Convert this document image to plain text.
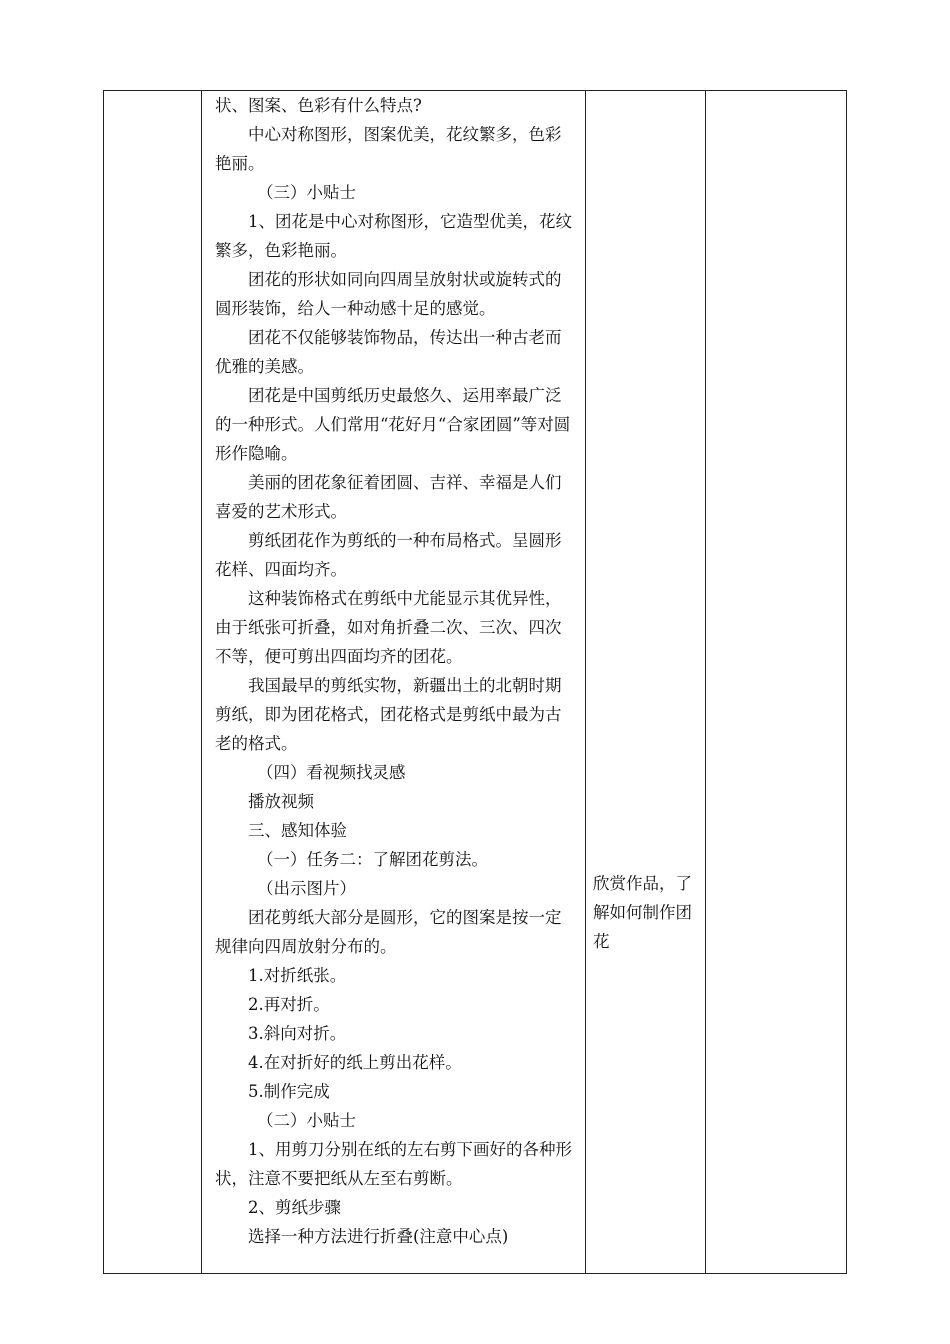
状、图案、色彩有什么特点?

中心对称图形，图案优美，花纹繁多，色彩

艳丽。

（三）小贴士

1、团花是中心对称图形，它造型优美，花纹

繁多，色彩艳丽。

团花的形状如同向四周呈放射状或旋转式的

圆形装饰，给人一种动感十足的感觉。

团花不仅能够装饰物品，传达出一种古老而

优雅的美感。

团花是中国剪纸历史最悠久、运用率最广泛

的一种形式。人们常用“花好月“合家团圆”等对圆

形作隐喻。

美丽的团花象征着团圆、吉祥、幸福是人们

喜爱的艺术形式。

剪纸团花作为剪纸的一种布局格式。呈圆形

花样、四面均齐。

这种装饰格式在剪纸中尤能显示其优异性，

由于纸张可折叠，如对角折叠二次、三次、四次

不等，便可剪出四面均齐的团花。

我国最早的剪纸实物，新疆出土的北朝时期

剪纸，即为团花格式，团花格式是剪纸中最为古

老的格式。

（四）看视频找灵感

播放视频

三、感知体验

（一）任务二：了解团花剪法。

（出示图片）

团花剪纸大部分是圆形，它的图案是按一定

规律向四周放射分布的。

1.对折纸张。

2.再对折。

3.斜向对折。

4.在对折好的纸上剪出花样。

5.制作完成

（二）小贴士

1、用剪刀分别在纸的左右剪下画好的各种形

状，注意不要把纸从左至右剪断。

2、剪纸步骤

选择一种方法进行折叠(注意中心点)

欣赏作品，了

解如何制作团

花
